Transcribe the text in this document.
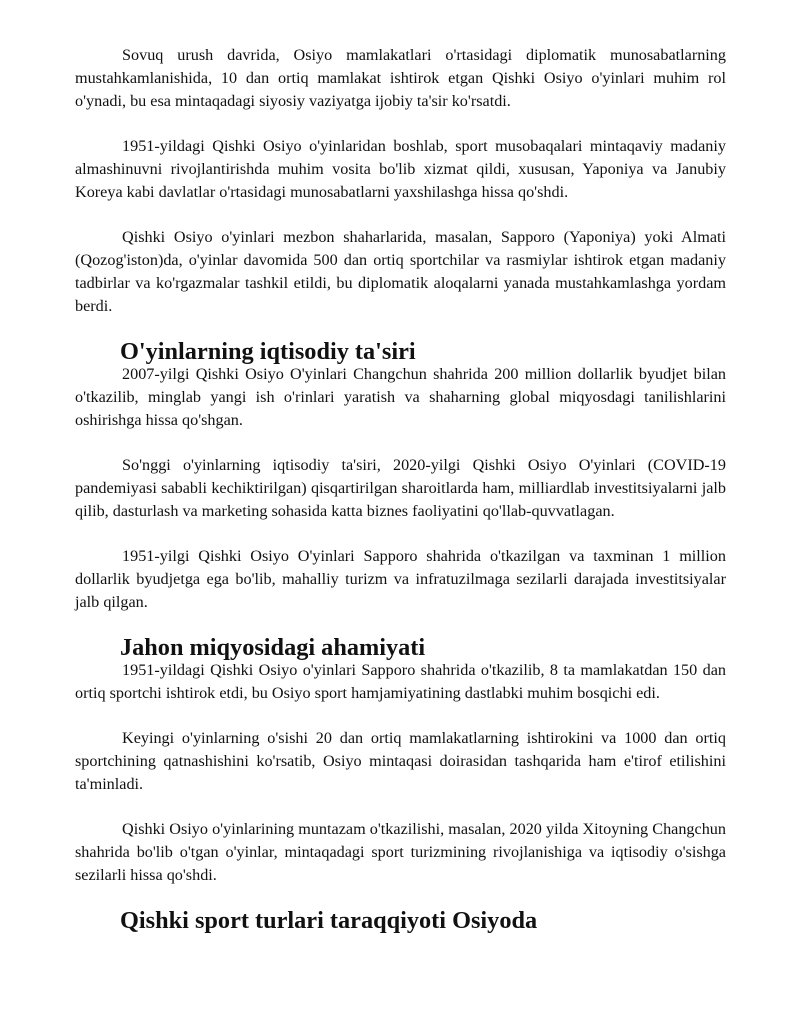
Sovuq urush davrida, Osiyo mamlakatlari o'rtasidagi diplomatik munosabatlarning mustahkamlanishida, 10 dan ortiq mamlakat ishtirok etgan Qishki Osiyo o'yinlari muhim rol o'ynadi, bu esa mintaqadagi siyosiy vaziyatga ijobiy ta'sir ko'rsatdi.

1951-yildagi Qishki Osiyo o'yinlaridan boshlab, sport musobaqalari mintaqaviy madaniy almashinuvni rivojlantirishda muhim vosita bo'lib xizmat qildi, xususan, Yaponiya va Janubiy Koreya kabi davlatlar o'rtasidagi munosabatlarni yaxshilashga hissa qo'shdi.

Qishki Osiyo o'yinlari mezbon shaharlarida, masalan, Sapporo (Yaponiya) yoki Almati (Qozog'iston)da, o'yinlar davomida 500 dan ortiq sportchilar va rasmiylar ishtirok etgan madaniy tadbirlar va ko'rgazmalar tashkil etildi, bu diplomatik aloqalarni yanada mustahkamlashga yordam berdi.

O'yinlarning iqtisodiy ta'siri

2007-yilgi Qishki Osiyo O'yinlari Changchun shahrida 200 million dollarlik byudjet bilan o'tkazilib, minglab yangi ish o'rinlari yaratish va shaharning global miqyosdagi tanilishlarini oshirishga hissa qo'shgan.

So'nggi o'yinlarning iqtisodiy ta'siri, 2020-yilgi Qishki Osiyo O'yinlari (COVID-19 pandemiyasi sababli kechiktirilgan) qisqartirilgan sharoitlarda ham, milliardlab investitsiyalarni jalb qilib, dasturlash va marketing sohasida katta biznes faoliyatini qo'llab-quvvatlagan.

1951-yilgi Qishki Osiyo O'yinlari Sapporo shahrida o'tkazilgan va taxminan 1 million dollarlik byudjetga ega bo'lib, mahalliy turizm va infratuzilmaga sezilarli darajada investitsiyalar jalb qilgan.

Jahon miqyosidagi ahamiyati

1951-yildagi Qishki Osiyo o'yinlari Sapporo shahrida o'tkazilib, 8 ta mamlakatdan 150 dan ortiq sportchi ishtirok etdi, bu Osiyo sport hamjamiyatining dastlabki muhim bosqichi edi.

Keyingi o'yinlarning o'sishi 20 dan ortiq mamlakatlarning ishtirokini va 1000 dan ortiq sportchining qatnashishini ko'rsatib, Osiyo mintaqasi doirasidan tashqarida ham e'tirof etilishini ta'minladi.

Qishki Osiyo o'yinlarining muntazam o'tkazilishi, masalan, 2020 yilda Xitoyning Changchun shahrida bo'lib o'tgan o'yinlar, mintaqadagi sport turizmining rivojlanishiga va iqtisodiy o'sishga sezilarli hissa qo'shdi.

Qishki sport turlari taraqqiyoti Osiyoda
